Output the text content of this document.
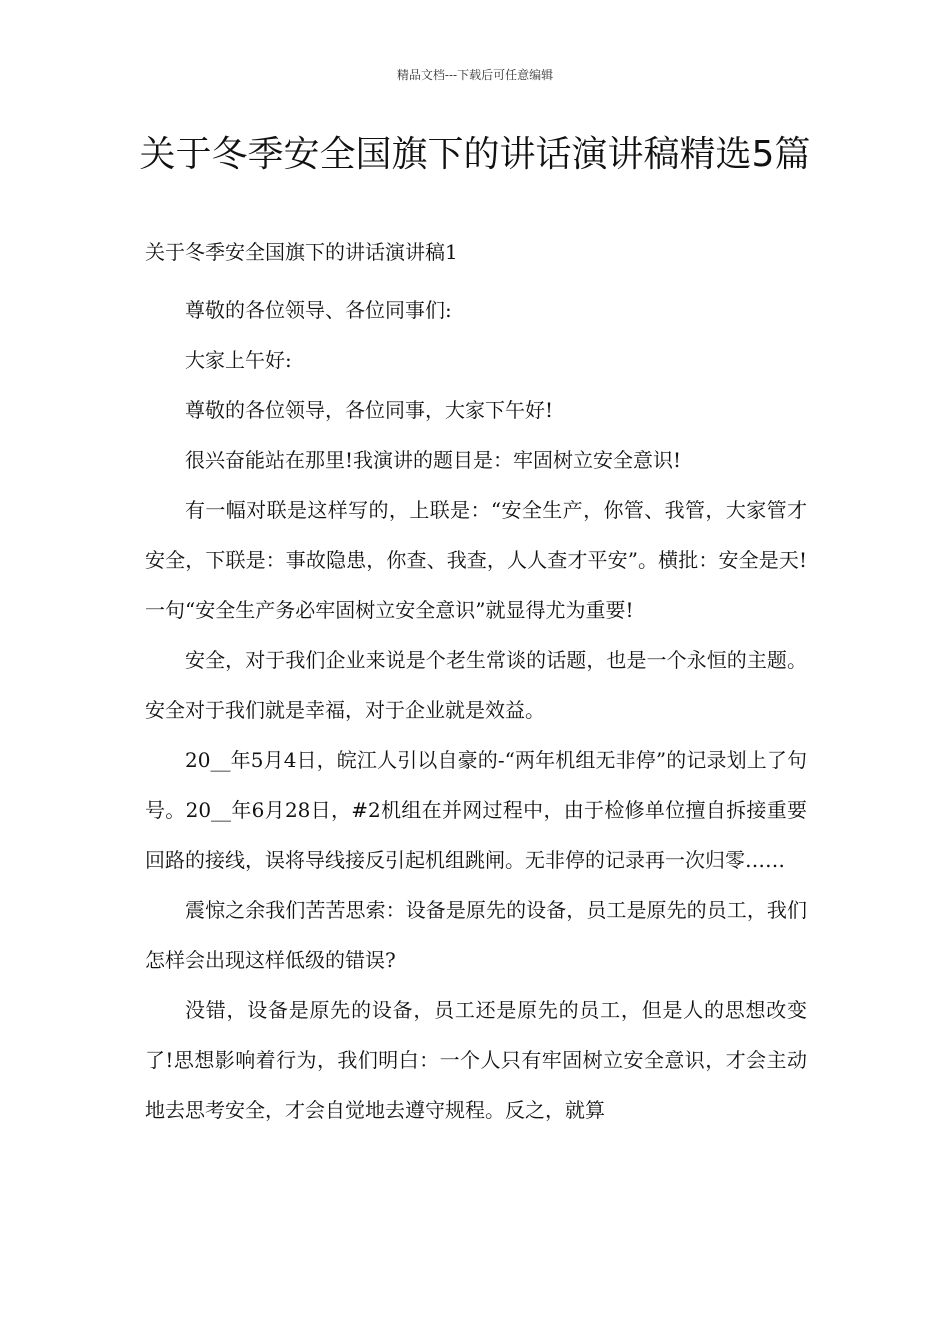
精品文档---下载后可任意编辑
关于冬季安全国旗下的讲话演讲稿精选5篇
关于冬季安全国旗下的讲话演讲稿1

尊敬的各位领导、各位同事们:

大家上午好:

尊敬的各位领导，各位同事，大家下午好!

很兴奋能站在那里!我演讲的题目是：牢固树立安全意识!

有一幅对联是这样写的，上联是：“安全生产，你管、我管，大家管才安全，下联是：事故隐患，你查、我查，人人查才平安”。横批：安全是天!一句“安全生产务必牢固树立安全意识”就显得尤为重要!

安全，对于我们企业来说是个老生常谈的话题，也是一个永恒的主题。安全对于我们就是幸福，对于企业就是效益。

20__年5月4日，皖江人引以自豪的-“两年机组无非停”的记录划上了句号。20__年6月28日，#2机组在并网过程中，由于检修单位擅自拆接重要回路的接线，误将导线接反引起机组跳闸。无非停的记录再一次归零……

震惊之余我们苦苦思索：设备是原先的设备，员工是原先的员工，我们怎样会出现这样低级的错误?

没错，设备是原先的设备，员工还是原先的员工，但是人的思想改变了!思想影响着行为，我们明白：一个人只有牢固树立安全意识，才会主动地去思考安全，才会自觉地去遵守规程。反之，就算
